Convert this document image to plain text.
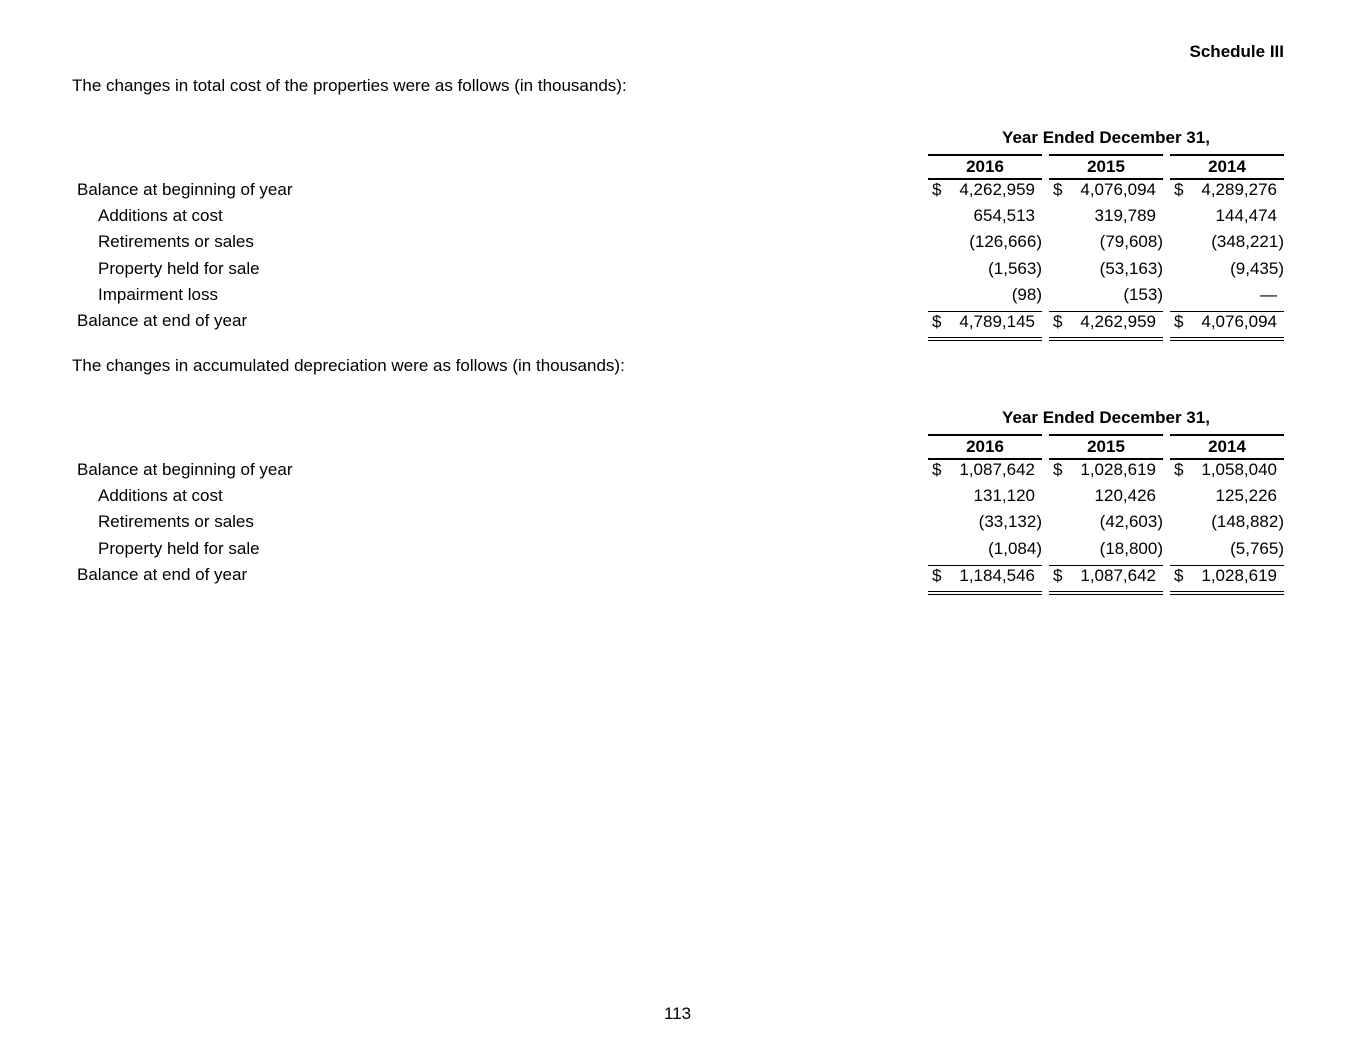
Schedule III
The changes in total cost of the properties were as follows (in thousands):
Year Ended December 31,
2016	2015	2014
Balance at beginning of year	$ 4,262,959 $ 4,076,094 $ 4,289,276
Additions at cost	654,513	319,789	144,474
Retirements or sales	(126,666)	(79,608)	(348,221)
Property held for sale	(1,563)	(53,163)	(9,435)
Impairment loss	(98)	(153)	—
Balance at end of year	$ 4,789,145 $ 4,262,959 $ 4,076,094
The changes in accumulated depreciation were as follows (in thousands):
Year Ended December 31,
2016	2015	2014
Balance at beginning of year	$ 1,087,642 $ 1,028,619 $ 1,058,040
Additions at cost	131,120	120,426	125,226
Retirements or sales	(33,132)	(42,603)	(148,882)
Property held for sale	(1,084)	(18,800)	(5,765)
Balance at end of year	$ 1,184,546 $ 1,087,642 $ 1,028,619
113
